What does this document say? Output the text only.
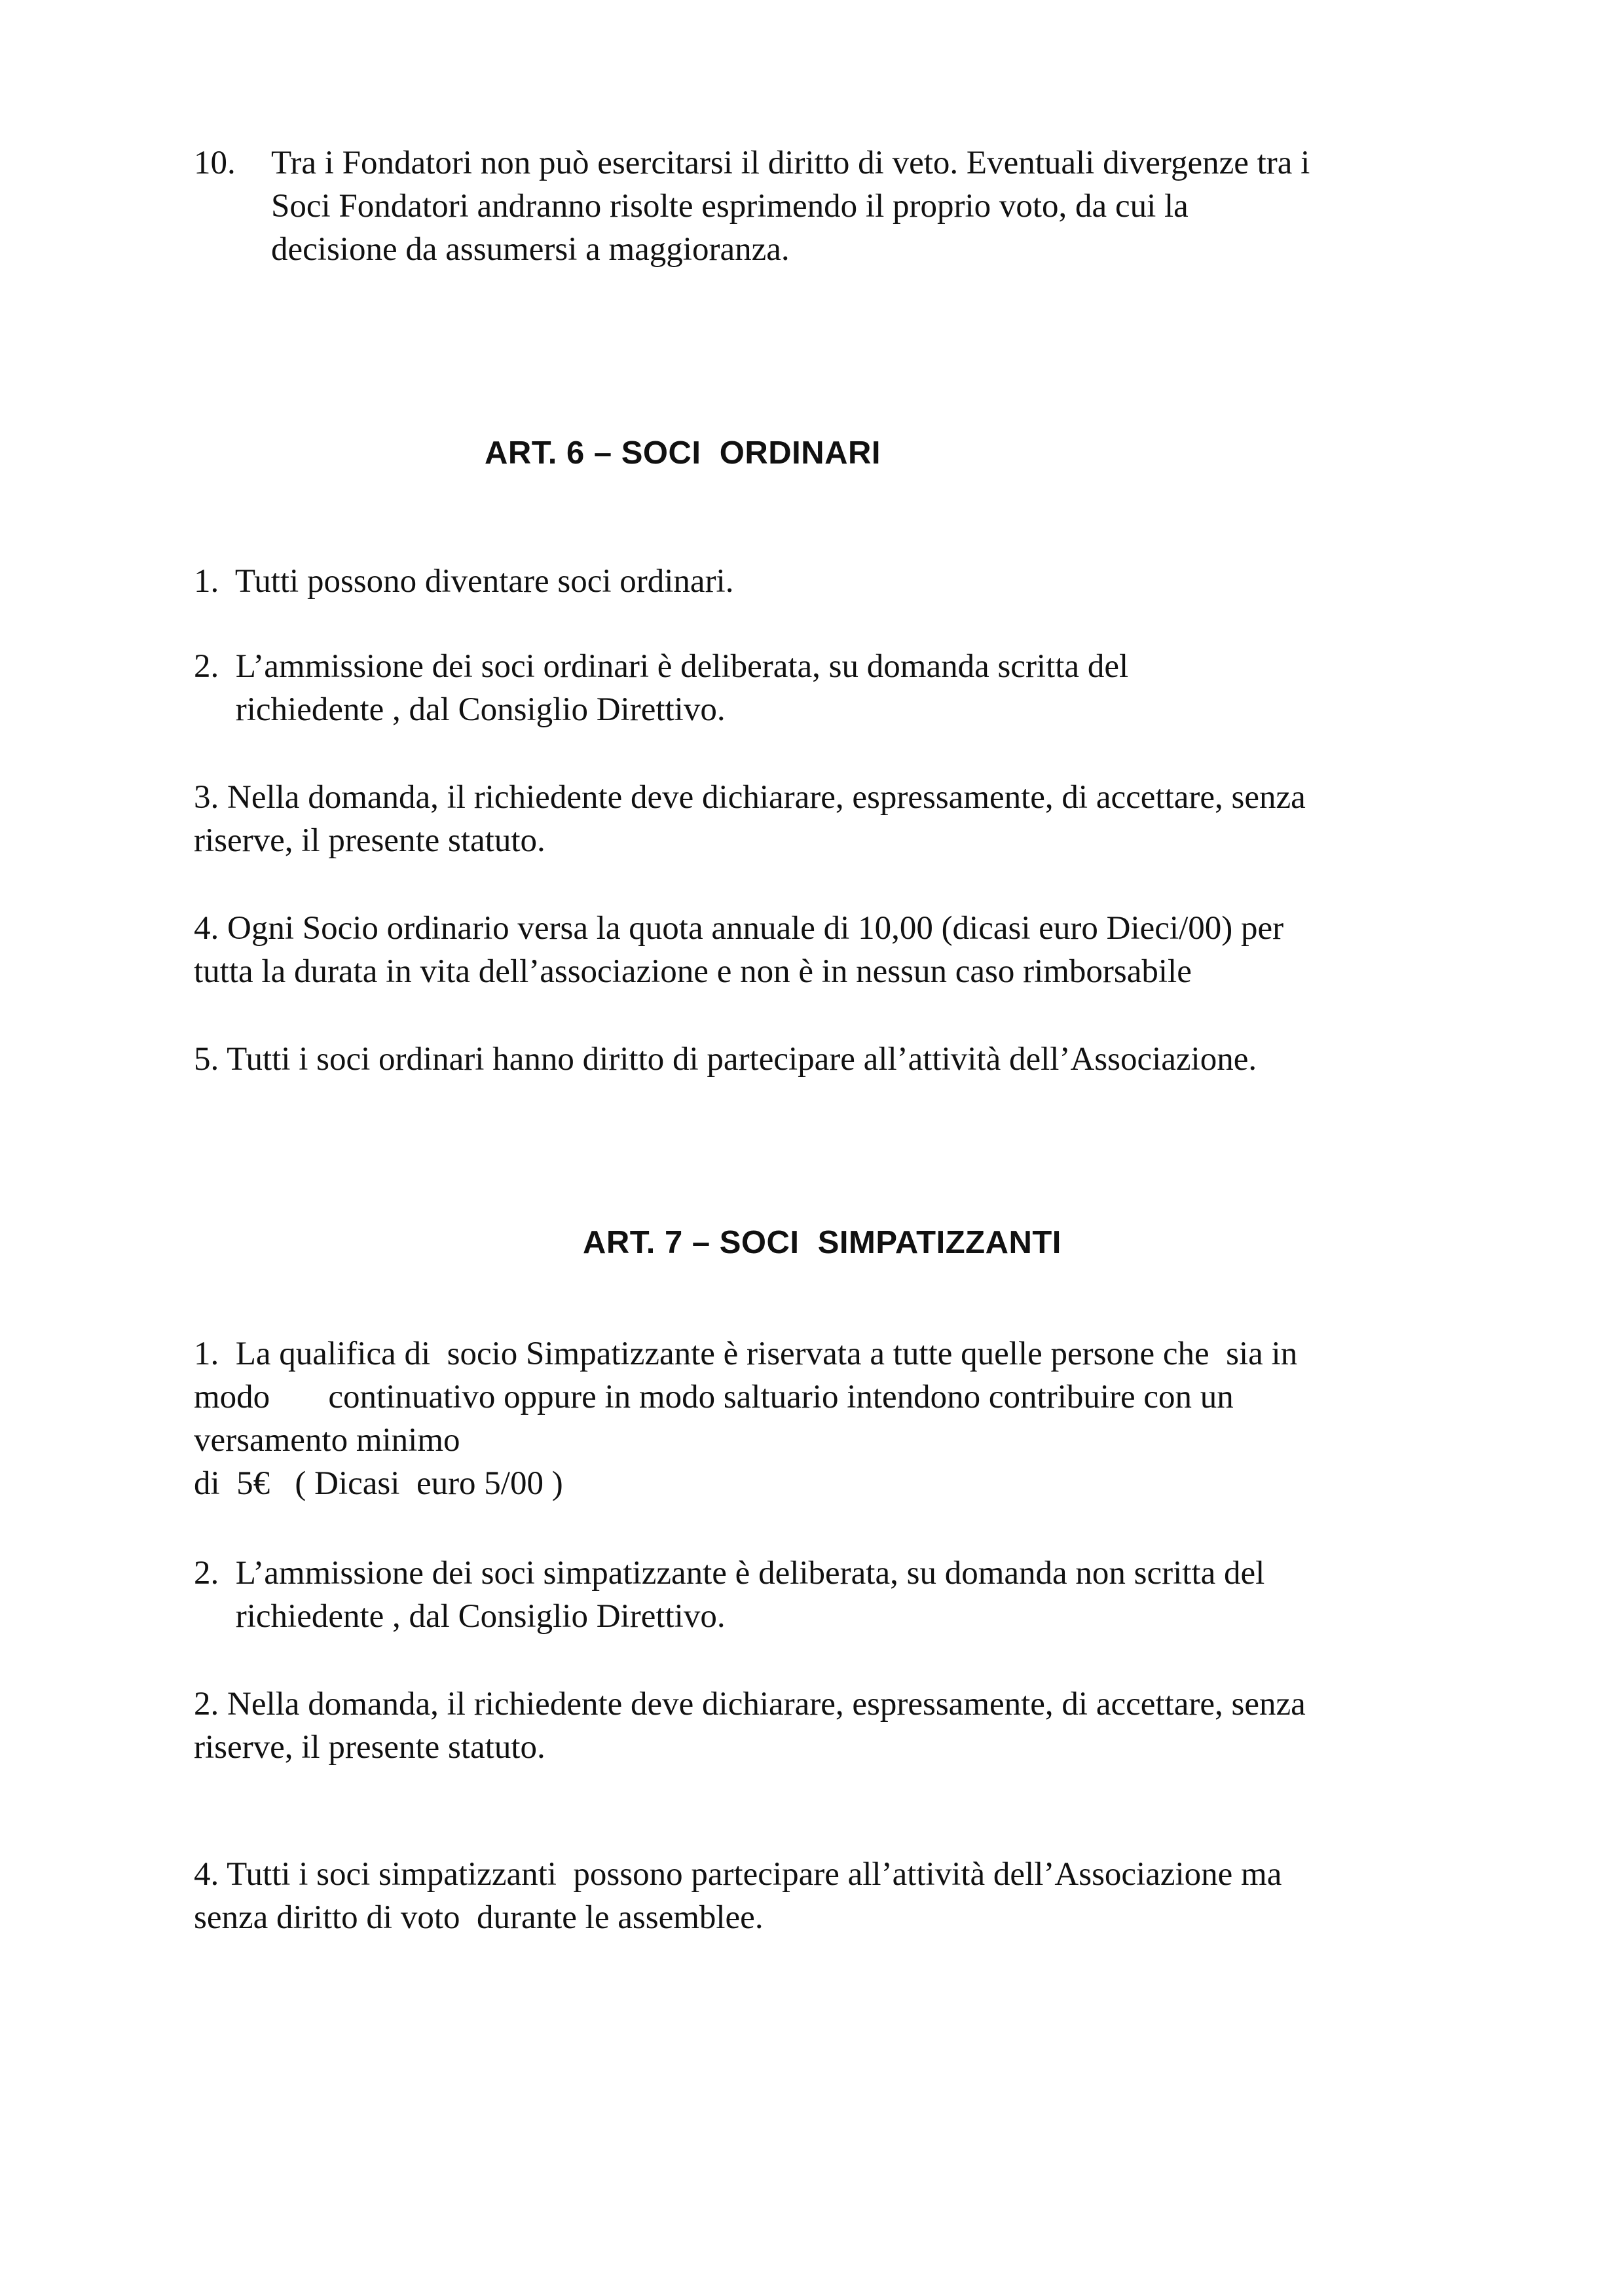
10. Tra i Fondatori non può esercitarsi il diritto di veto. Eventuali divergenze tra i
Soci Fondatori andranno risolte esprimendo il proprio voto, da cui la
decisione da assumersi a maggioranza.
ART. 6 – SOCI  ORDINARI
1.  Tutti possono diventare soci ordinari.
2.  L’ammissione dei soci ordinari è deliberata, su domanda scritta del
richiedente , dal Consiglio Direttivo.
3. Nella domanda, il richiedente deve dichiarare, espressamente, di accettare, senza
riserve, il presente statuto.
4. Ogni Socio ordinario versa la quota annuale di 10,00 (dicasi euro Dieci/00) per
tutta la durata in vita dell’associazione e non è in nessun caso rimborsabile
5. Tutti i soci ordinari hanno diritto di partecipare all’attività dell’Associazione.
ART. 7 – SOCI  SIMPATIZZANTI
1.  La qualifica di  socio Simpatizzante è riservata a tutte quelle persone che  sia in
modo       continuativo oppure in modo saltuario intendono contribuire con un
versamento minimo
di  5€   ( Dicasi  euro 5/00 )
2.  L’ammissione dei soci simpatizzante è deliberata, su domanda non scritta del
richiedente , dal Consiglio Direttivo.
2. Nella domanda, il richiedente deve dichiarare, espressamente, di accettare, senza
riserve, il presente statuto.
4. Tutti i soci simpatizzanti  possono partecipare all’attività dell’Associazione ma
senza diritto di voto  durante le assemblee.
